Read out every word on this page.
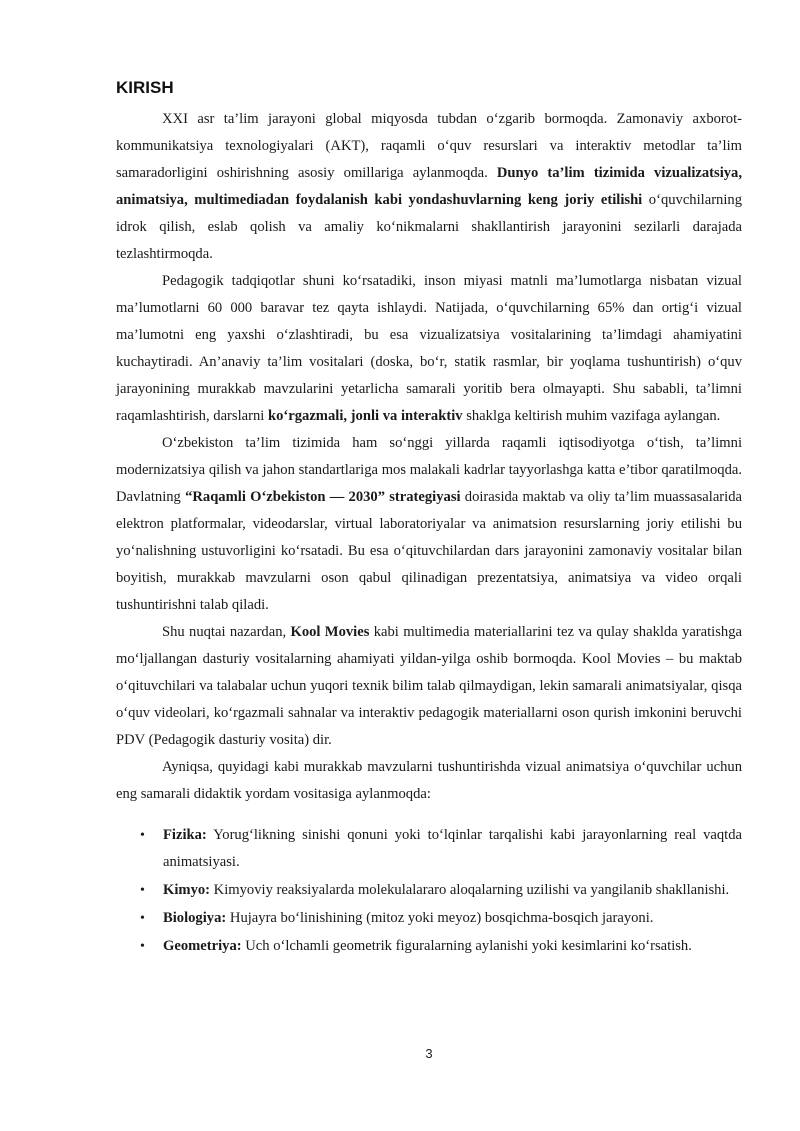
KIRISH

XXI asr ta’lim jarayoni global miqyosda tubdan o‘zgarib bormoqda. Zamonaviy axborot-kommunikatsiya texnologiyalari (AKT), raqamli o‘quv resurslari va interaktiv metodlar ta’lim samaradorligini oshirishning asosiy omillariga aylanmoqda. Dunyo ta’lim tizimida vizualizatsiya, animatsiya, multimediadan foydalanish kabi yondashuvlarning keng joriy etilishi o‘quvchilarning idrok qilish, eslab qolish va amaliy ko‘nikmalarni shakllantirish jarayonini sezilarli darajada tezlashtirmoqda.

Pedagogik tadqiqotlar shuni ko‘rsatadiki, inson miyasi matnli ma’lumotlarga nisbatan vizual ma’lumotlarni 60 000 baravar tez qayta ishlaydi. Natijada, o‘quvchilarning 65% dan ortig‘i vizual ma’lumotni eng yaxshi o‘zlashtiradi, bu esa vizualizatsiya vositalarining ta’limdagi ahamiyatini kuchaytiradi. An’anaviy ta’lim vositalari (doska, bo‘r, statik rasmlar, bir yoqlama tushuntirish) o‘quv jarayonining murakkab mavzularini yetarlicha samarali yoritib bera olmayapti. Shu sababli, ta’limni raqamlashtirish, darslarni ko‘rgazmali, jonli va interaktiv shaklga keltirish muhim vazifaga aylangan.

O‘zbekiston ta’lim tizimida ham so‘nggi yillarda raqamli iqtisodiyotga o‘tish, ta’limni modernizatsiya qilish va jahon standartlariga mos malakali kadrlar tayyorlashga katta e’tibor qaratilmoqda. Davlatning “Raqamli O‘zbekiston — 2030” strategiyasi doirasida maktab va oliy ta’lim muassasalarida elektron platformalar, videodarslar, virtual laboratoriyalar va animatsion resurslarning joriy etilishi bu yo‘nalishning ustuvorligini ko‘rsatadi. Bu esa o‘qituvchilardan dars jarayonini zamonaviy vositalar bilan boyitish, murakkab mavzularni oson qabul qilinadigan prezentatsiya, animatsiya va video orqali tushuntirishni talab qiladi.

Shu nuqtai nazardan, Kool Movies kabi multimedia materiallarini tez va qulay shaklda yaratishga mo‘ljallangan dasturiy vositalarning ahamiyati yildan-yilga oshib bormoqda. Kool Movies – bu maktab o‘qituvchilari va talabalar uchun yuqori texnik bilim talab qilmaydigan, lekin samarali animatsiyalar, qisqa o‘quv videolari, ko‘rgazmali sahnalar va interaktiv pedagogik materiallarni oson qurish imkonini beruvchi PDV (Pedagogik dasturiy vosita) dir.

Ayniqsa, quyidagi kabi murakkab mavzularni tushuntirishda vizual animatsiya o‘quvchilar uchun eng samarali didaktik yordam vositasiga aylanmoqda:

• Fizika: Yorug‘likning sinishi qonuni yoki to‘lqinlar tarqalishi kabi jarayonlarning real vaqtda animatsiyasi.
• Kimyo: Kimyoviy reaksiyalarda molekulalararo aloqalarning uzilishi va yangilanib shakllanishi.
• Biologiya: Hujayra bo‘linishining (mitoz yoki meyoz) bosqichma-bosqich jarayoni.
• Geometriya: Uch o‘lchamli geometrik figuralarning aylanishi yoki kesimlarini ko‘rsatish.
3
